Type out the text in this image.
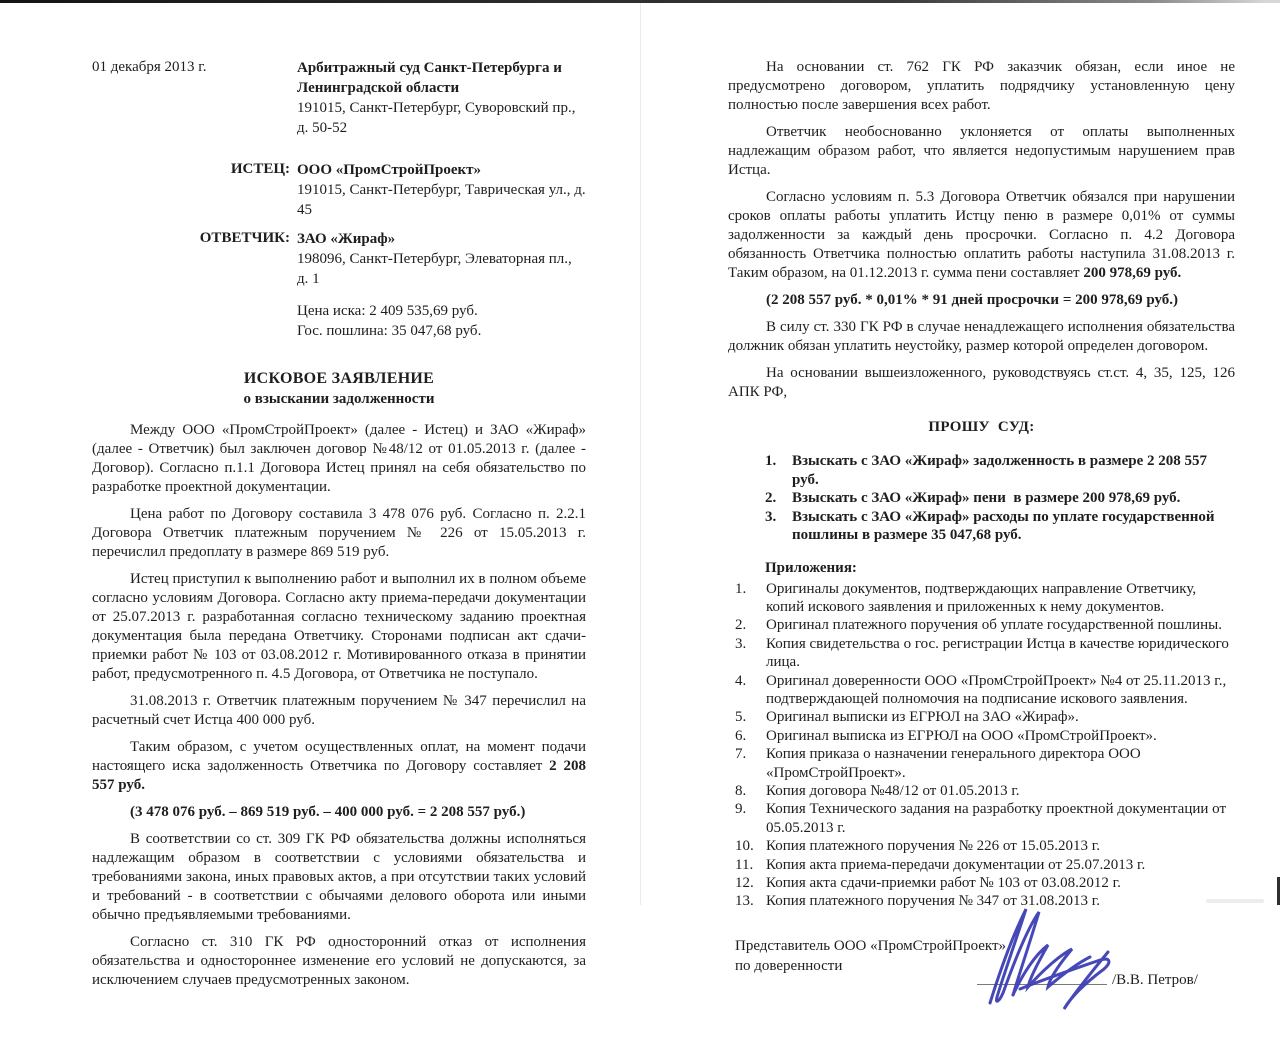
01 декабря 2013 г.	Арбитражный суд Санкт-Петербурга и
Ленинградской области
191015, Санкт-Петербург, Суворовский пр., д. 50-52
ИСТЕЦ: ООО «ПромСтройПроект»
191015, Санкт-Петербург, Таврическая ул., д. 45
ОТВЕТЧИК: ЗАО «Жираф»
198096, Санкт-Петербург, Элеваторная пл., д. 1
Цена иска: 2 409 535,69 руб.
Гос. пошлина: 35 047,68 руб.
ИСКОВОЕ ЗАЯВЛЕНИЕ
о взыскании задолженности

Между ООО «ПромСтройПроект» (далее - Истец) и ЗАО «Жираф» (далее - Ответчик) был заключен договор №48/12 от 01.05.2013 г. (далее - Договор). Согласно п.1.1 Договора Истец принял на себя обязательство по разработке проектной документации.

Цена работ по Договору составила 3 478 076 руб. Согласно п. 2.2.1 Договора Ответчик платежным поручением № 226 от 15.05.2013 г. перечислил предоплату в размере 869 519 руб.

Истец приступил к выполнению работ и выполнил их в полном объеме согласно условиям Договора. Согласно акту приема-передачи документации от 25.07.2013 г. разработанная согласно техническому заданию проектная документация была передана Ответчику. Сторонами подписан акт сдачи-приемки работ № 103 от 03.08.2012 г. Мотивированного отказа в принятии работ, предусмотренного п. 4.5 Договора, от Ответчика не поступало.

31.08.2013 г. Ответчик платежным поручением № 347 перечислил на расчетный счет Истца 400 000 руб.

Таким образом, с учетом осуществленных оплат, на момент подачи настоящего иска задолженность Ответчика по Договору составляет 2 208 557 руб.

(3 478 076 руб. – 869 519 руб. – 400 000 руб. = 2 208 557 руб.)

В соответствии со ст. 309 ГК РФ обязательства должны исполняться надлежащим образом в соответствии с условиями обязательства и требованиями закона, иных правовых актов, а при отсутствии таких условий и требований - в соответствии с обычаями делового оборота или иными обычно предъявляемыми требованиями.

Согласно ст. 310 ГК РФ односторонний отказ от исполнения обязательства и одностороннее изменение его условий не допускаются, за исключением случаев предусмотренных законом.

На основании ст. 762 ГК РФ заказчик обязан, если иное не предусмотрено договором, уплатить подрядчику установленную цену полностью после завершения всех работ.

Ответчик необоснованно уклоняется от оплаты выполненных надлежащим образом работ, что является недопустимым нарушением прав Истца.

Согласно условиям п. 5.3 Договора Ответчик обязался при нарушении сроков оплаты работы уплатить Истцу пеню в размере 0,01% от суммы задолженности за каждый день просрочки. Согласно п. 4.2 Договора обязанность Ответчика полностью оплатить работы наступила 31.08.2013 г. Таким образом, на 01.12.2013 г. сумма пени составляет 200 978,69 руб.

(2 208 557 руб. * 0,01% * 91 дней просрочки = 200 978,69 руб.)

В силу ст. 330 ГК РФ в случае ненадлежащего исполнения обязательства должник обязан уплатить неустойку, размер которой определен договором.

На основании вышеизложенного, руководствуясь ст.ст. 4, 35, 125, 126 АПК РФ,

ПРОШУ  СУД:
1.	Взыскать с ЗАО «Жираф» задолженность в размере 2 208 557 руб.
2.	Взыскать с ЗАО «Жираф» пени  в размере 200 978,69 руб.
3.	Взыскать с ЗАО «Жираф» расходы по уплате государственной пошлины в размере 35 047,68 руб.
Приложения:
1.	Оригиналы документов, подтверждающих направление Ответчику, копий искового заявления и приложенных к нему документов.
2.	Оригинал платежного поручения об уплате государственной пошлины.
3.	Копия свидетельства о гос. регистрации Истца в качестве юридического лица.
4.	Оригинал доверенности ООО «ПромСтройПроект» №4 от 25.11.2013 г., подтверждающей полномочия на подписание искового заявления.
5.	Оригинал выписки из ЕГРЮЛ на ЗАО «Жираф».
6.	Оригинал выписка из ЕГРЮЛ на ООО «ПромСтройПроект».
7.	Копия приказа о назначении генерального директора ООО «ПромСтройПроект».
8.	Копия договора №48/12 от 01.05.2013 г.
9.	Копия Технического задания на разработку проектной документации от 05.05.2013 г.
10. Копия платежного поручения № 226 от 15.05.2013 г.
11. Копия акта приема-передачи документации от 25.07.2013 г.
12. Копия акта сдачи-приемки работ № 103 от 03.08.2012 г.
13. Копия платежного поручения № 347 от 31.08.2013 г.
Представитель ООО «ПромСтройПроект»
по доверенности
/В.В. Петров/
